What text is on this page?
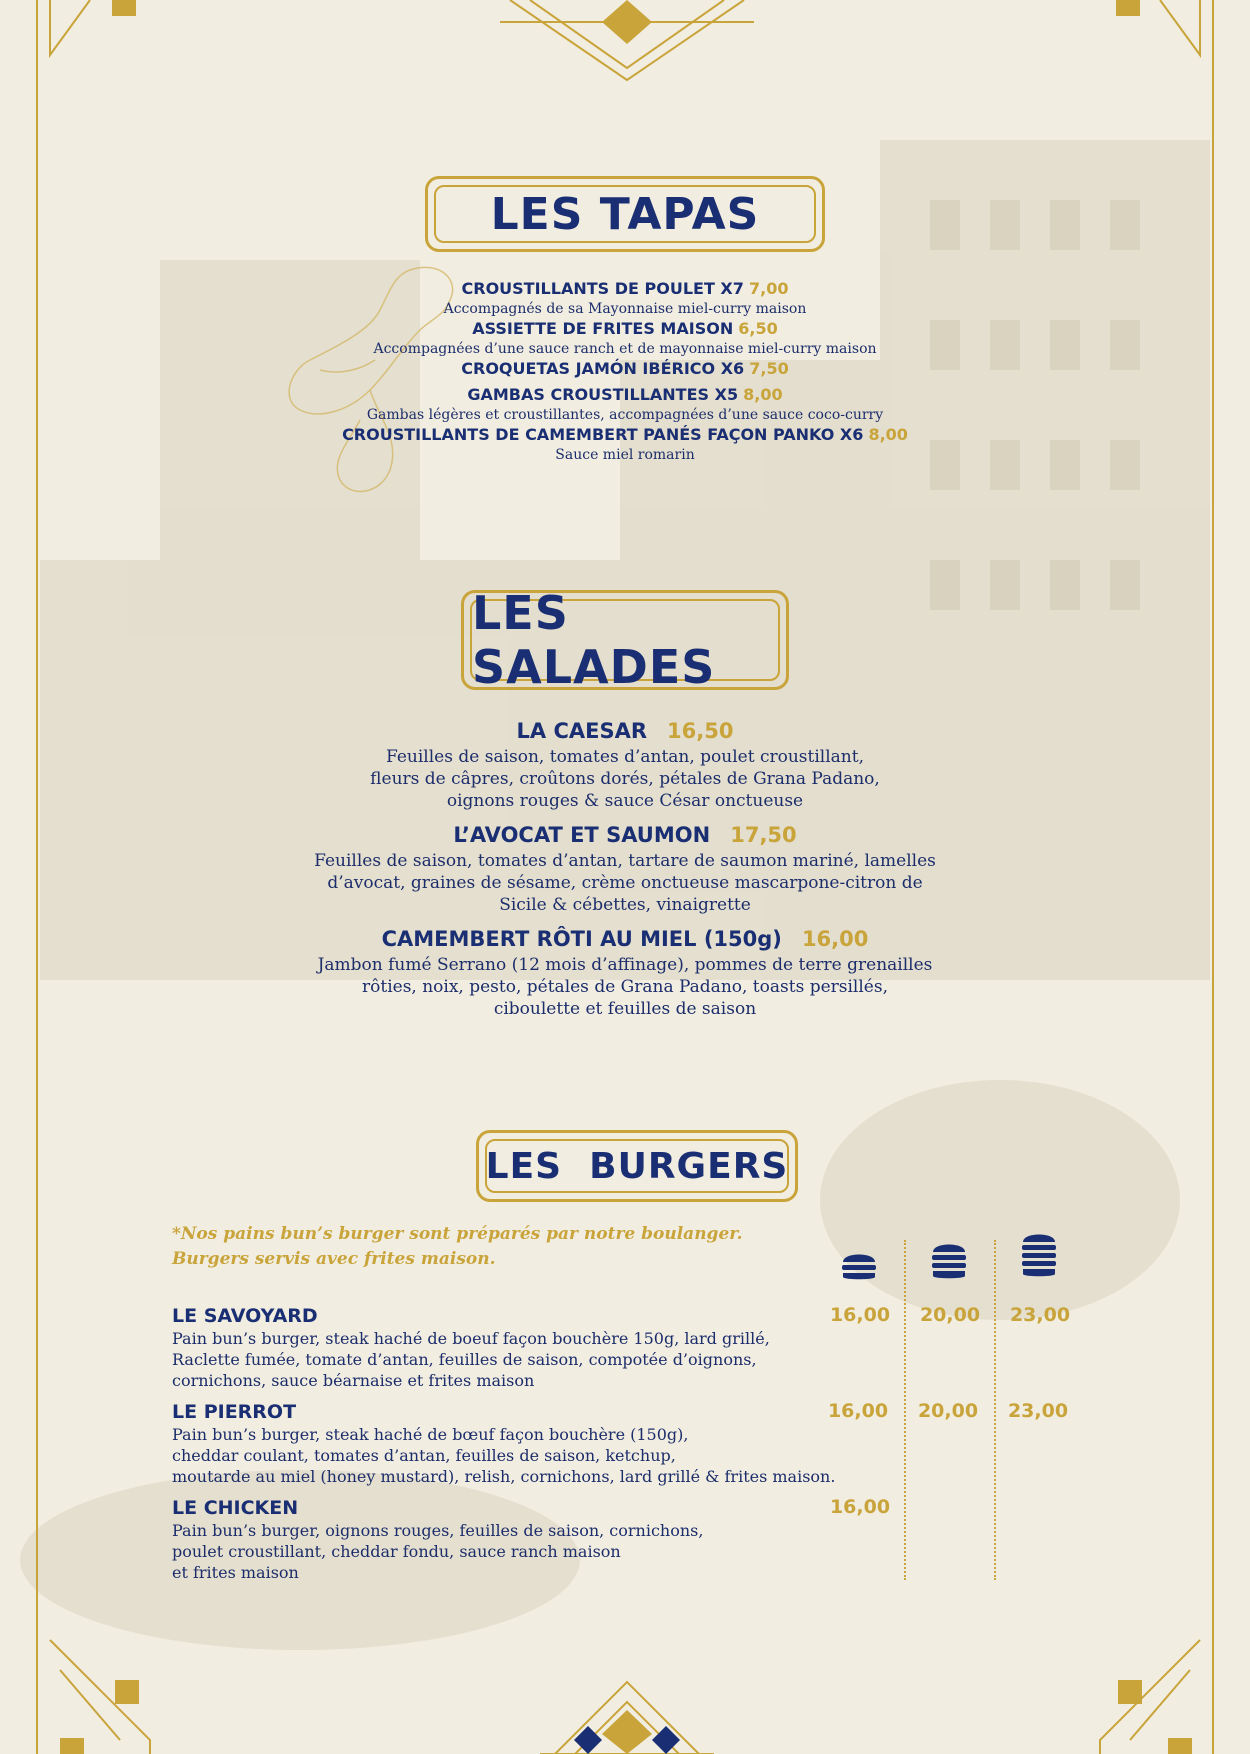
LES TAPAS
CROUSTILLANTS DE POULET X7 7,00
Accompagnés de sa Mayonnaise miel-curry maison
ASSIETTE DE FRITES MAISON 6,50
Accompagnées d’une sauce ranch et de mayonnaise miel-curry maison
CROQUETAS JAMÓN IBÉRICO X6 7,50
GAMBAS CROUSTILLANTES X5 8,00
Gambas légères et croustillantes, accompagnées d’une sauce coco-curry
CROUSTILLANTS DE CAMEMBERT PANÉS FAÇON PANKO X6 8,00
Sauce miel romarin
LES SALADES
LA CAESAR 16,50
Feuilles de saison, tomates d’antan, poulet croustillant,
fleurs de câpres, croûtons dorés, pétales de Grana Padano,
oignons rouges & sauce César onctueuse
L’AVOCAT ET SAUMON 17,50
Feuilles de saison, tomates d’antan, tartare de saumon mariné, lamelles
d’avocat, graines de sésame, crème onctueuse mascarpone-citron de
Sicile & cébettes, vinaigrette
CAMEMBERT RÔTI AU MIEL (150g) 16,00
Jambon fumé Serrano (12 mois d’affinage), pommes de terre grenailles
rôties, noix, pesto, pétales de Grana Padano, toasts persillés,
ciboulette et feuilles de saison
LES  BURGERS
*Nos pains bun’s burger sont préparés par notre boulanger.
Burgers servis avec frites maison.
LE SAVOYARD
Pain bun’s burger, steak haché de boeuf façon bouchère 150g, lard grillé,
Raclette fumée, tomate d’antan, feuilles de saison, compotée d’oignons,
cornichons, sauce béarnaise et frites maison
16,00	20,00	23,00
LE PIERROT
Pain bun’s burger, steak haché de bœuf façon bouchère (150g),
cheddar coulant, tomates d’antan, feuilles de saison, ketchup,
moutarde au miel (honey mustard), relish, cornichons, lard grillé & frites maison.
16,00	20,00	23,00
LE CHICKEN
Pain bun’s burger, oignons rouges, feuilles de saison, cornichons,
poulet croustillant, cheddar fondu, sauce ranch maison
et frites maison
16,00
